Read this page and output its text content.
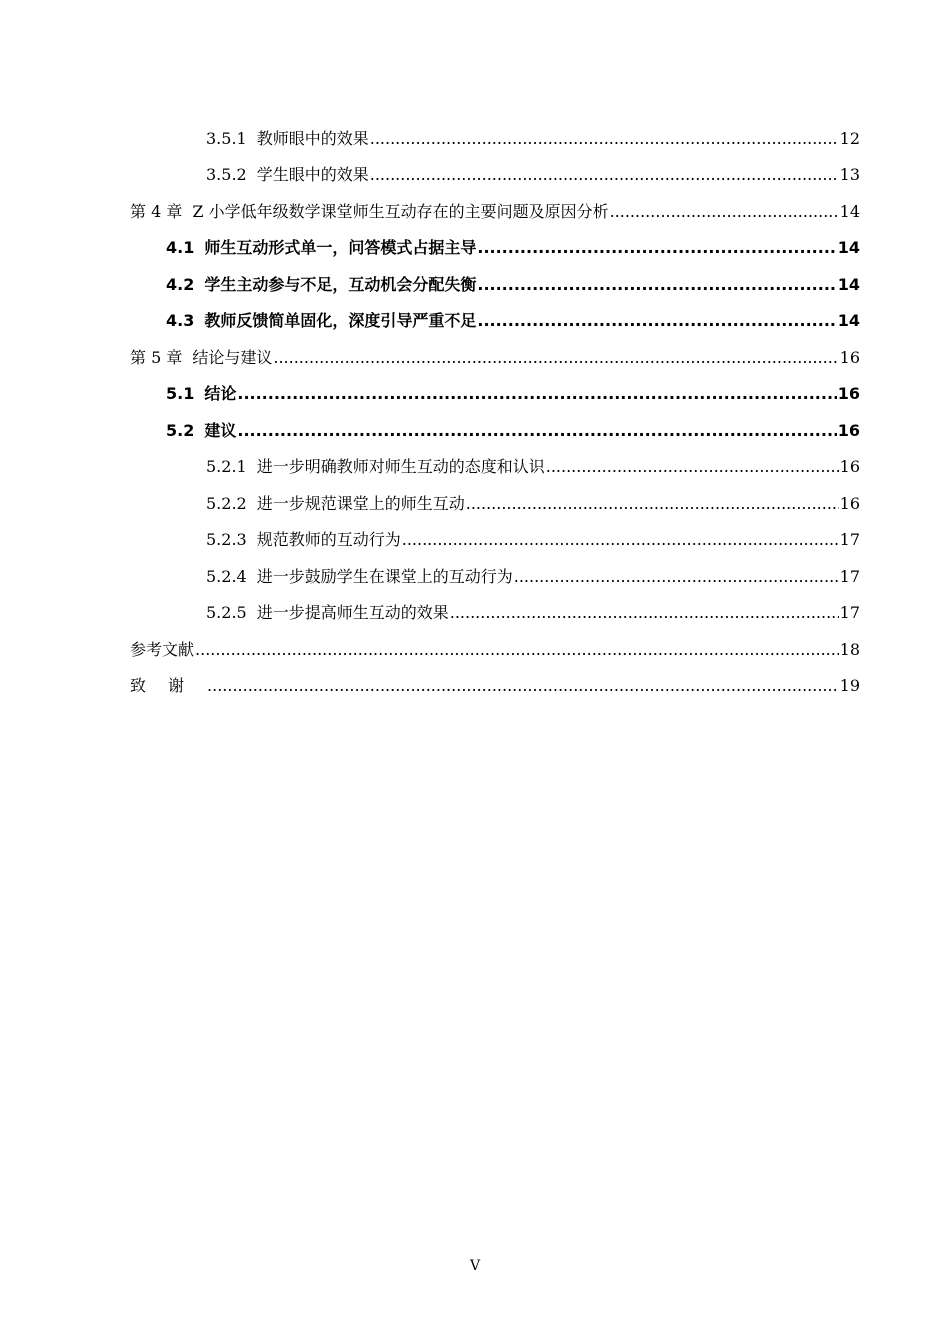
3.5.1 教师眼中的效果 .....	12
3.5.2 学生眼中的效果 .....	13
第 4 章 Z 小学低年级数学课堂师生互动存在的主要问题及原因分析 .....	14
4.1 师生互动形式单一，问答模式占据主导 .....	14
4.2 学生主动参与不足，互动机会分配失衡 .....	14
4.3 教师反馈简单固化，深度引导严重不足 .....	14
第 5 章 结论与建议 .....	16
5.1 结论 .....	16
5.2 建议 .....	16
5.2.1 进一步明确教师对师生互动的态度和认识 .....	16
5.2.2 进一步规范课堂上的师生互动 .....	16
5.2.3 规范教师的互动行为 .....	17
5.2.4 进一步鼓励学生在课堂上的互动行为 .....	17
5.2.5 进一步提高师生互动的效果 .....	17
参考文献 .....	18
致谢 .....	19
V
